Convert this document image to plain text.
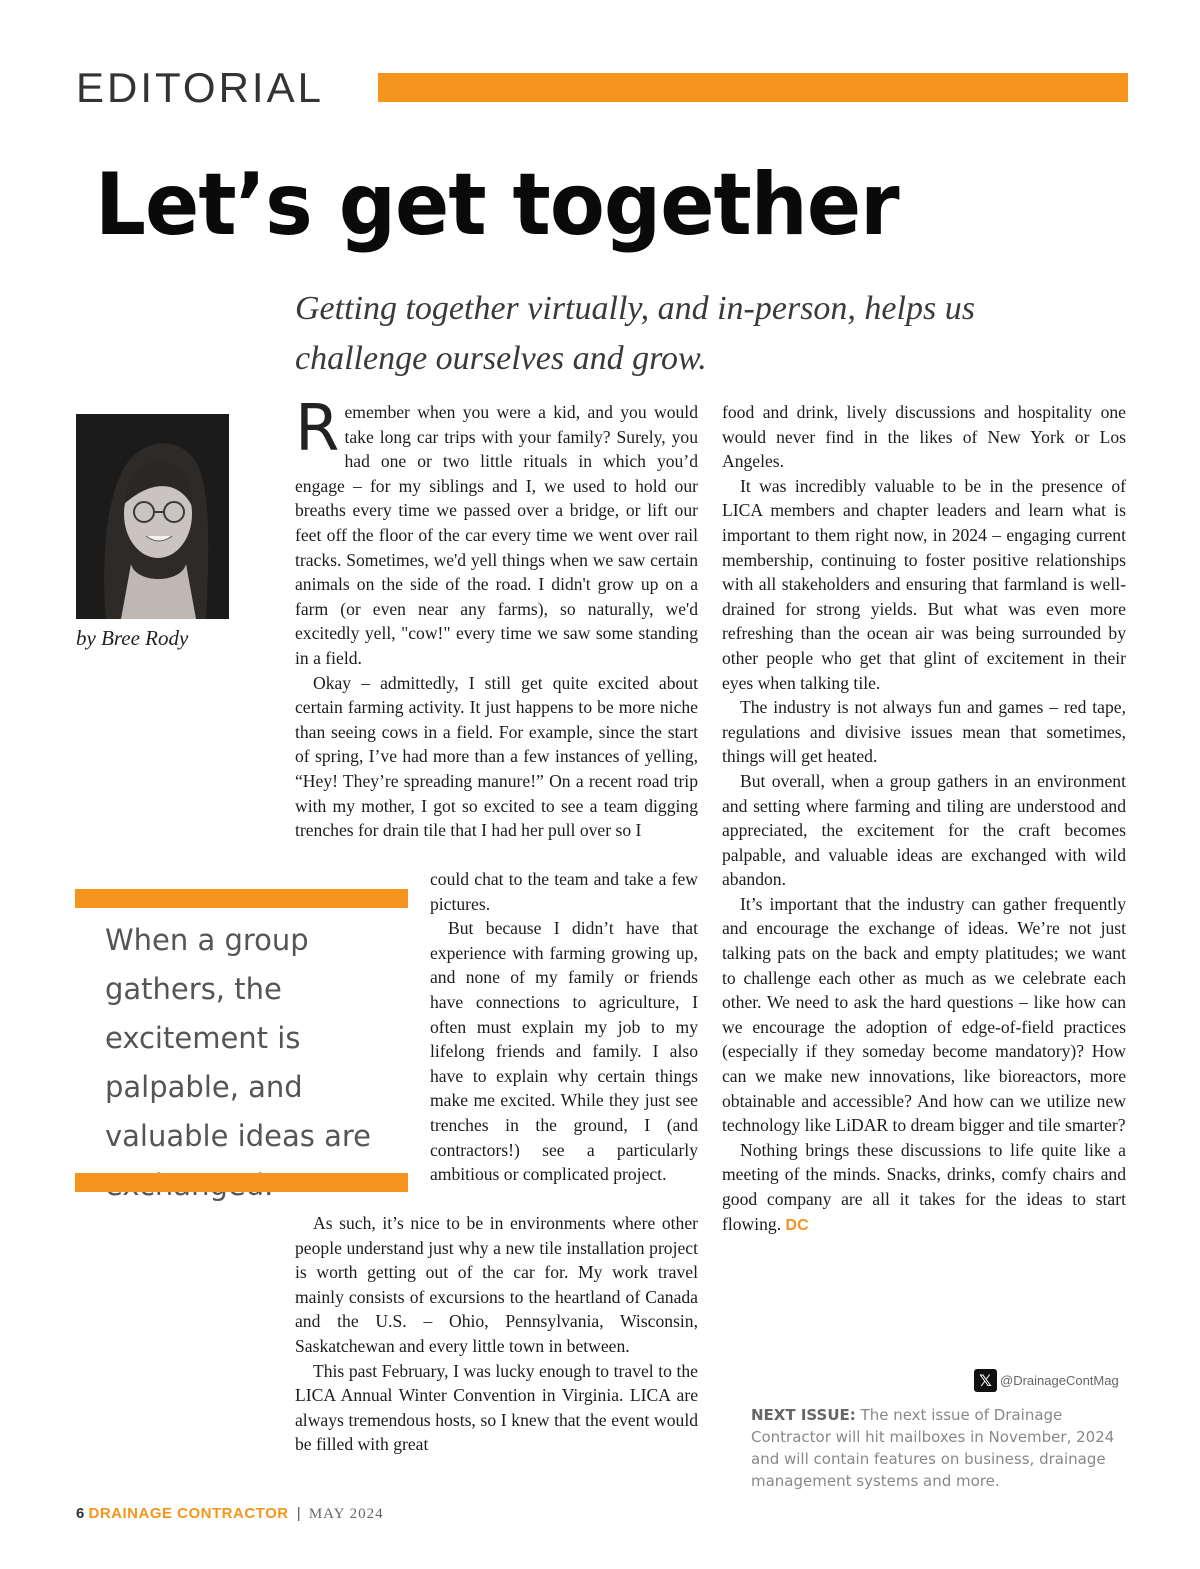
EDITORIAL
Let’s get together
Getting together virtually, and in-person, helps us challenge ourselves and grow.
by Bree Rody

Remember when you were a kid, and you would take long car trips with your family? Surely, you had one or two little rituals in which you’d engage – for my siblings and I, we used to hold our breaths every time we passed over a bridge, or lift our feet off the floor of the car every time we went over rail tracks. Sometimes, we'd yell things when we saw certain animals on the side of the road. I didn't grow up on a farm (or even near any farms), so naturally, we'd excitedly yell, "cow!" every time we saw some standing in a field.

Okay – admittedly, I still get quite excited about certain farming activity. It just happens to be more niche than seeing cows in a field. For example, since the start of spring, I’ve had more than a few instances of yelling, “Hey! They’re spreading manure!” On a recent road trip with my mother, I got so excited to see a team digging trenches for drain tile that I had her pull over so I

could chat to the team and take a few pictures.

But because I didn’t have that experience with farming growing up, and none of my family or friends have connections to agriculture, I often must explain my job to my lifelong friends and family. I also have to explain why certain things make me excited. While they just see trenches in the ground, I (and contractors!) see a particularly ambitious or complicated project.

As such, it’s nice to be in environments where other people understand just why a new tile installation project is worth getting out of the car for. My work travel mainly consists of excursions to the heartland of Canada and the U.S. – Ohio, Pennsylvania, Wisconsin, Saskatchewan and every little town in between.

This past February, I was lucky enough to travel to the LICA Annual Winter Convention in Virginia. LICA are always tremendous hosts, so I knew that the event would be filled with great

food and drink, lively discussions and hospitality one would never find in the likes of New York or Los Angeles.

It was incredibly valuable to be in the presence of LICA members and chapter leaders and learn what is important to them right now, in 2024 – engaging current membership, continuing to foster positive relationships with all stakeholders and ensuring that farmland is well-drained for strong yields. But what was even more refreshing than the ocean air was being surrounded by other people who get that glint of excitement in their eyes when talking tile.

The industry is not always fun and games – red tape, regulations and divisive issues mean that sometimes, things will get heated.

But overall, when a group gathers in an environment and setting where farming and tiling are understood and appreciated, the excitement for the craft becomes palpable, and valuable ideas are exchanged with wild abandon.

It’s important that the industry can gather frequently and encourage the exchange of ideas. We’re not just talking pats on the back and empty platitudes; we want to challenge each other as much as we celebrate each other. We need to ask the hard questions – like how can we encourage the adoption of edge-of-field practices (especially if they someday become mandatory)? How can we make new innovations, like bioreactors, more obtainable and accessible? And how can we utilize new technology like LiDAR to dream bigger and tile smarter?

Nothing brings these discussions to life quite like a meeting of the minds. Snacks, drinks, comfy chairs and good company are all it takes for the ideas to start flowing. DC

When a group gathers, the excitement is palpable, and valuable ideas are
𝕏 @DrainageContMag
NEXT ISSUE: The next issue of Drainage Contractor will hit mailboxes in November, 2024 and will contain features on business, drainage management systems and more.
6 DRAINAGE CONTRACTOR | MAY 2024
